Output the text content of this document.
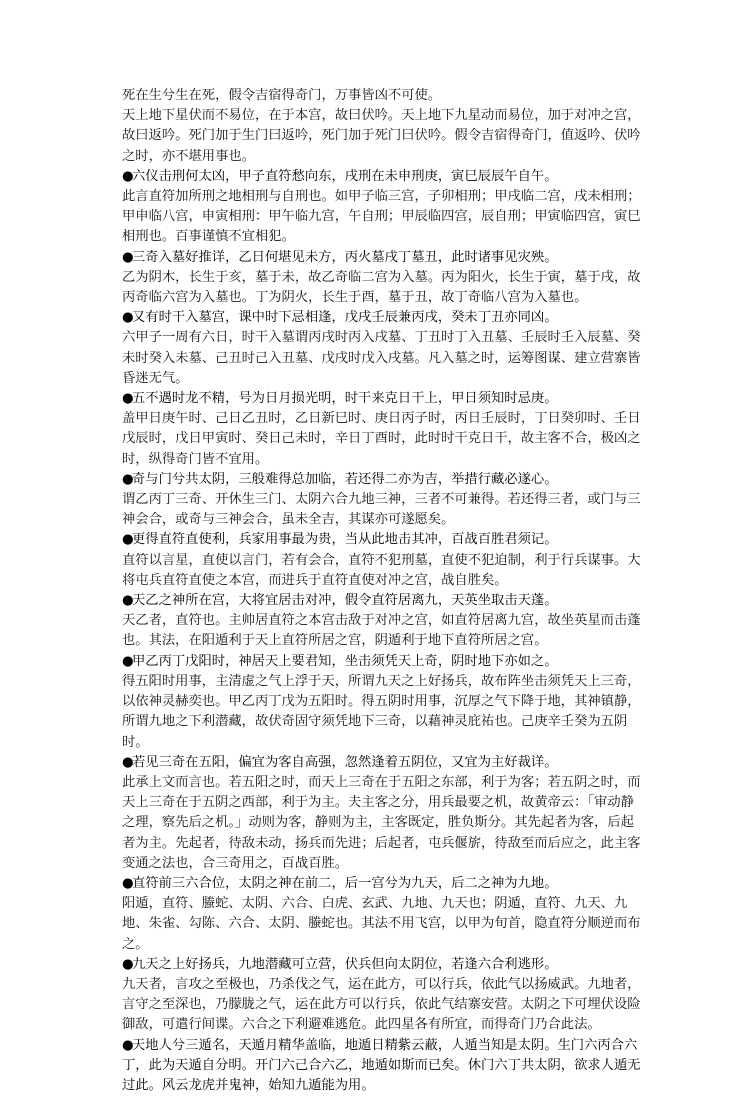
死在生兮生在死，假令吉宿得奇门，万事皆凶不可使。

天上地下星伏而不易位，在于本宫，故曰伏吟。天上地下九星动而易位，加于对冲之宫，故曰返吟。死门加于生门曰返吟，死门加于死门曰伏吟。假令吉宿得奇门，值返吟、伏吟之时，亦不堪用事也。

●六仪击刑何太凶，甲子直符愁向东，戌刑在未申刑庚，寅巳辰辰午自午。

此言直符加所刑之地相刑与自刑也。如甲子临三宫，子卯相刑；甲戌临二宫，戌未相刑；甲申临八宫，申寅相刑：甲午临九宫，午自刑；甲辰临四宫，辰自刑；甲寅临四宫，寅巳相刑也。百事谨慎不宜相犯。

●三奇入墓好推详，乙日何堪见未方，丙火墓戌丁墓丑，此时诸事见灾殃。

乙为阴木，长生于亥，墓于未，故乙奇临二宫为入墓。丙为阳火，长生于寅，墓于戌，故丙奇临六宫为入墓也。丁为阴火，长生于酉，墓于丑，故丁奇临八宫为入墓也。

●又有时干入墓宫，课中时下忌相逢，戊戌壬辰兼丙戌，癸未丁丑亦同凶。

六甲子一周有六日，时干入墓谓丙戌时丙入戌墓、丁丑时丁入丑墓、壬辰时壬入辰墓、癸未时癸入未墓、己丑时己入丑墓、戊戌时戊入戌墓。凡入墓之时，运筹图谋、建立营寨皆昏迷无气。

●五不遇时龙不精，号为日月损光明，时干来克日干上，甲日须知时忌庚。

盖甲日庚午时、己日乙丑时，乙日新巳时、庚日丙子时，丙日壬辰时，丁日癸卯时、壬日戊辰时，戊日甲寅时、癸日己未时，辛日丁酉时，此时时干克日干，故主客不合，极凶之时，纵得奇门皆不宜用。

●奇与门兮共太阴，三般难得总加临，若还得二亦为吉，举措行藏必遂心。

谓乙丙丁三奇、开休生三门、太阴六合九地三神，三者不可兼得。若还得三者，或门与三神会合，或奇与三神会合，虽未全吉，其谋亦可遂愿矣。

●更得直符直使利，兵家用事最为贵，当从此地击其冲，百战百胜君须记。

直符以言星，直使以言门，若有会合，直符不犯刑墓，直使不犯迫制，利于行兵谋事。大将屯兵直符直使之本宫，而进兵于直符直使对冲之宫，战自胜矣。

●天乙之神所在宫，大将宜居击对冲，假令直符居离九，天英坐取击天蓬。

天乙者，直符也。主帅居直符之本宫击敌于对冲之宫，如直符居离九宫，故坐英星而击蓬也。其法，在阳遁利于天上直符所居之宫，阴遁利于地下直符所居之宫。

●甲乙丙丁戊阳时，神居天上要君知，坐击须凭天上奇，阴时地下亦如之。

得五阳时用事，主清虚之气上浮于天，所谓九天之上好扬兵，故布阵坐击须凭天上三奇，以依神灵赫奕也。甲乙丙丁戊为五阳时。得五阴时用事，沉厚之气下降于地，其神镇静，所谓九地之下利潜藏，故伏奇固守须凭地下三奇，以藉神灵庇祐也。己庚辛壬癸为五阴时。

●若见三奇在五阳，偏宜为客自高强，忽然逢着五阴位，又宜为主好裁详。

此承上文而言也。若五阳之时，而天上三奇在于五阳之东部，利于为客；若五阴之时，而天上三奇在于五阴之西部，利于为主。夫主客之分，用兵最要之机，故黄帝云：「审动静之理，察先后之机。」动则为客，静则为主，主客既定，胜负斯分。其先起者为客，后起者为主。先起者，待敌未动，扬兵而先进；后起者，屯兵偃旂，待敌至而后应之，此主客变通之法也，合三奇用之，百战百胜。

●直符前三六合位，太阴之神在前二，后一宫兮为九天，后二之神为九地。

阳遁，直符、螣蛇、太阴、六合、白虎、玄武、九地、九天也；阴遁，直符、九天、九地、朱雀、勾陈、六合、太阴、螣蛇也。其法不用飞宫，以甲为旬首，隐直符分顺逆而布之。

●九天之上好扬兵，九地潜藏可立营，伏兵但向太阴位，若逢六合利逃形。

九天者，言攻之至极也，乃杀伐之气，运在此方，可以行兵，依此气以扬威武。九地者，言守之至深也，乃朦胧之气，运在此方可以行兵，依此气结寨安营。太阴之下可埋伏设险御敌，可遣行间谍。六合之下利避难逃危。此四星各有所宜，而得奇门乃合此法。

●天地人兮三遁名，天遁月精华盖临，地遁日精紫云蔽，人遁当知是太阴。生门六丙合六丁，此为天遁自分明。开门六己合六乙，地遁如斯而已矣。休门六丁共太阴，欲求人遁无过此。风云龙虎并鬼神，始知九遁能为用。
